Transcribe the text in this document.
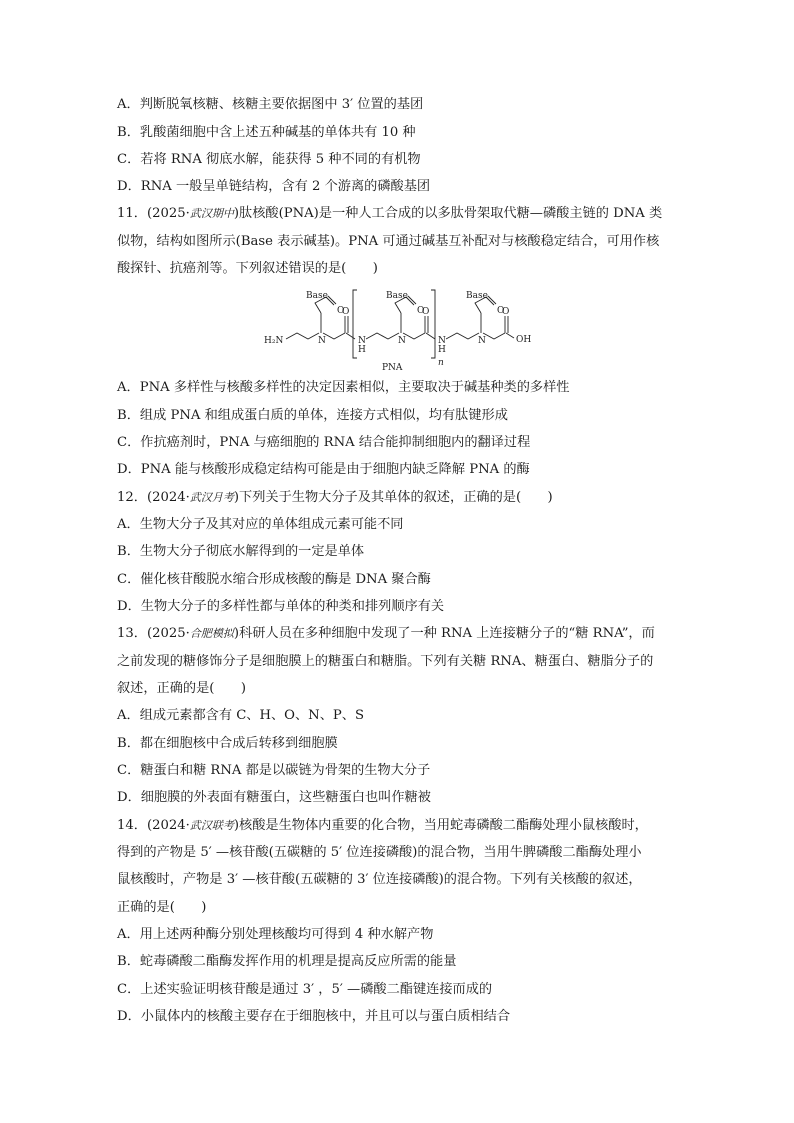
A．判断脱氧核糖、核糖主要依据图中 3′ 位置的基团
B．乳酸菌细胞中含上述五种碱基的单体共有 10 种
C．若将 RNA 彻底水解，能获得 5 种不同的有机物
D．RNA 一般呈单链结构，含有 2 个游离的磷酸基团
11．(2025·武汉期中)肽核酸(PNA)是一种人工合成的以多肽骨架取代糖—磷酸主链的 DNA 类
似物，结构如图所示(Base 表示碱基)。PNA 可通过碱基互补配对与核酸稳定结合，可用作核
酸探针、抗癌剂等。下列叙述错误的是(　　)
Base	Base	Base
O	O	O
O	O	O
H₂N	N	N
H
N	N
H
N	OH
n
PNA
A．PNA 多样性与核酸多样性的决定因素相似，主要取决于碱基种类的多样性
B．组成 PNA 和组成蛋白质的单体，连接方式相似，均有肽键形成
C．作抗癌剂时，PNA 与癌细胞的 RNA 结合能抑制细胞内的翻译过程
D．PNA 能与核酸形成稳定结构可能是由于细胞内缺乏降解 PNA 的酶
12．(2024·武汉月考)下列关于生物大分子及其单体的叙述，正确的是(　　)
A．生物大分子及其对应的单体组成元素可能不同
B．生物大分子彻底水解得到的一定是单体
C．催化核苷酸脱水缩合形成核酸的酶是 DNA 聚合酶
D．生物大分子的多样性都与单体的种类和排列顺序有关
13．(2025·合肥模拟)科研人员在多种细胞中发现了一种 RNA 上连接糖分子的“糖 RNA”，而
之前发现的糖修饰分子是细胞膜上的糖蛋白和糖脂。下列有关糖 RNA、糖蛋白、糖脂分子的
叙述，正确的是(　　)
A．组成元素都含有 C、H、O、N、P、S
B．都在细胞核中合成后转移到细胞膜
C．糖蛋白和糖 RNA 都是以碳链为骨架的生物大分子
D．细胞膜的外表面有糖蛋白，这些糖蛋白也叫作糖被
14．(2024·武汉联考)核酸是生物体内重要的化合物，当用蛇毒磷酸二酯酶处理小鼠核酸时，
得到的产物是 5′ —核苷酸(五碳糖的 5′ 位连接磷酸)的混合物，当用牛脾磷酸二酯酶处理小
鼠核酸时，产物是 3′ —核苷酸(五碳糖的 3′ 位连接磷酸)的混合物。下列有关核酸的叙述，
正确的是(　　)
A．用上述两种酶分别处理核酸均可得到 4 种水解产物
B．蛇毒磷酸二酯酶发挥作用的机理是提高反应所需的能量
C．上述实验证明核苷酸是通过 3′ ，5′ —磷酸二酯键连接而成的
D．小鼠体内的核酸主要存在于细胞核中，并且可以与蛋白质相结合
